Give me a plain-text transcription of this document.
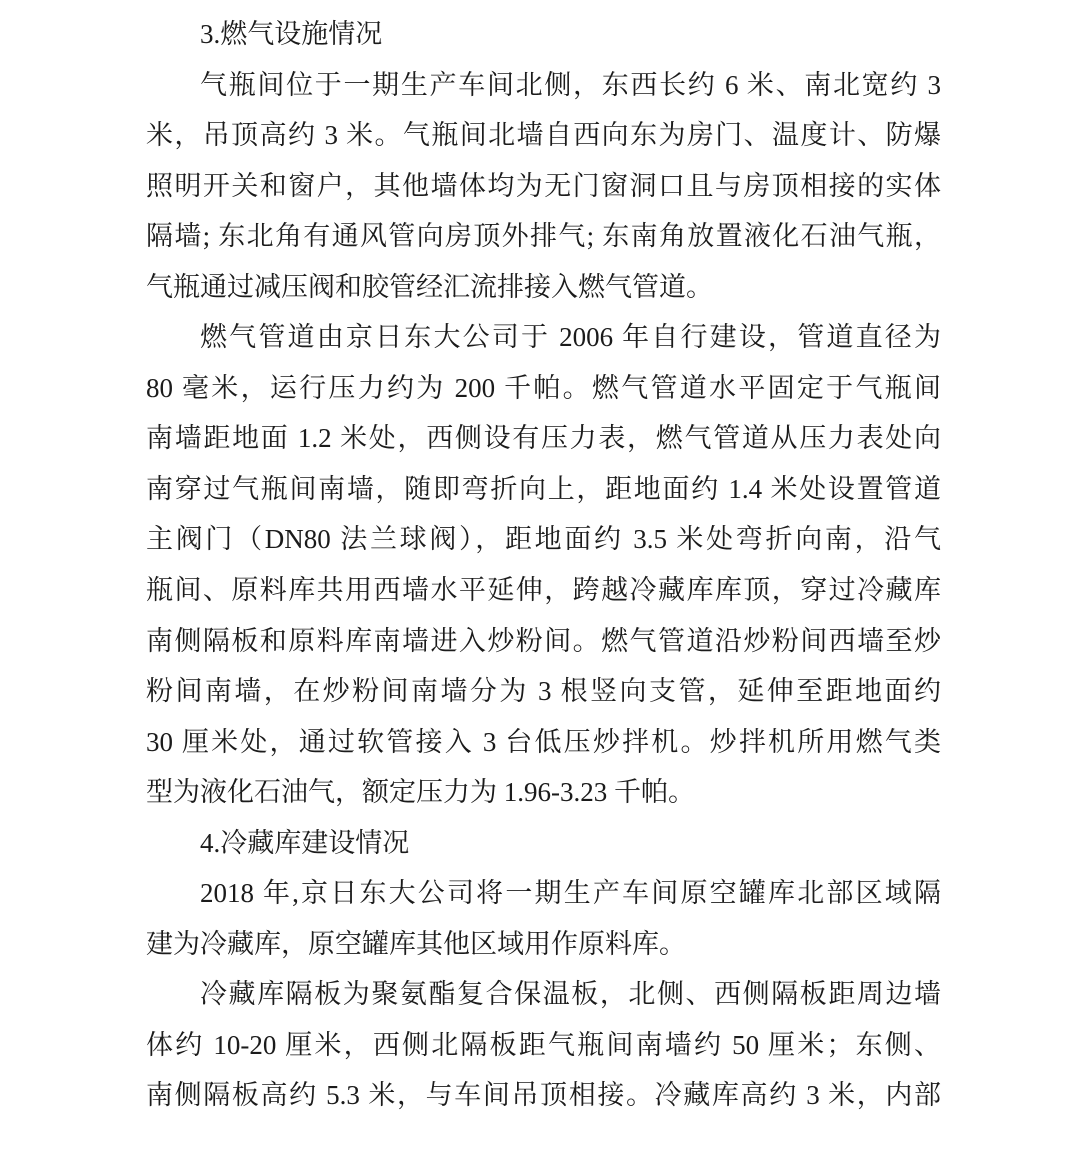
3.燃气设施情况
气瓶间位于一期生产车间北侧，东西长约 6 米、南北宽约 3
米，吊顶高约 3 米。气瓶间北墙自西向东为房门、温度计、防爆
照明开关和窗户，其他墙体均为无门窗洞口且与房顶相接的实体
隔墙; 东北角有通风管向房顶外排气; 东南角放置液化石油气瓶，
气瓶通过减压阀和胶管经汇流排接入燃气管道。
燃气管道由京日东大公司于 2006 年自行建设，管道直径为
80 毫米，运行压力约为 200 千帕。燃气管道水平固定于气瓶间
南墙距地面 1.2 米处，西侧设有压力表，燃气管道从压力表处向
南穿过气瓶间南墙，随即弯折向上，距地面约 1.4 米处设置管道
主阀门（DN80 法兰球阀），距地面约 3.5 米处弯折向南，沿气
瓶间、原料库共用西墙水平延伸，跨越冷藏库库顶，穿过冷藏库
南侧隔板和原料库南墙进入炒粉间。燃气管道沿炒粉间西墙至炒
粉间南墙，在炒粉间南墙分为 3 根竖向支管，延伸至距地面约
30 厘米处，通过软管接入 3 台低压炒拌机。炒拌机所用燃气类
型为液化石油气，额定压力为 1.96-3.23 千帕。
4.冷藏库建设情况
2018 年,京日东大公司将一期生产车间原空罐库北部区域隔
建为冷藏库，原空罐库其他区域用作原料库。
冷藏库隔板为聚氨酯复合保温板，北侧、西侧隔板距周边墙
体约 10-20 厘米，西侧北隔板距气瓶间南墙约 50 厘米；东侧、
南侧隔板高约 5.3 米，与车间吊顶相接。冷藏库高约 3 米，内部
